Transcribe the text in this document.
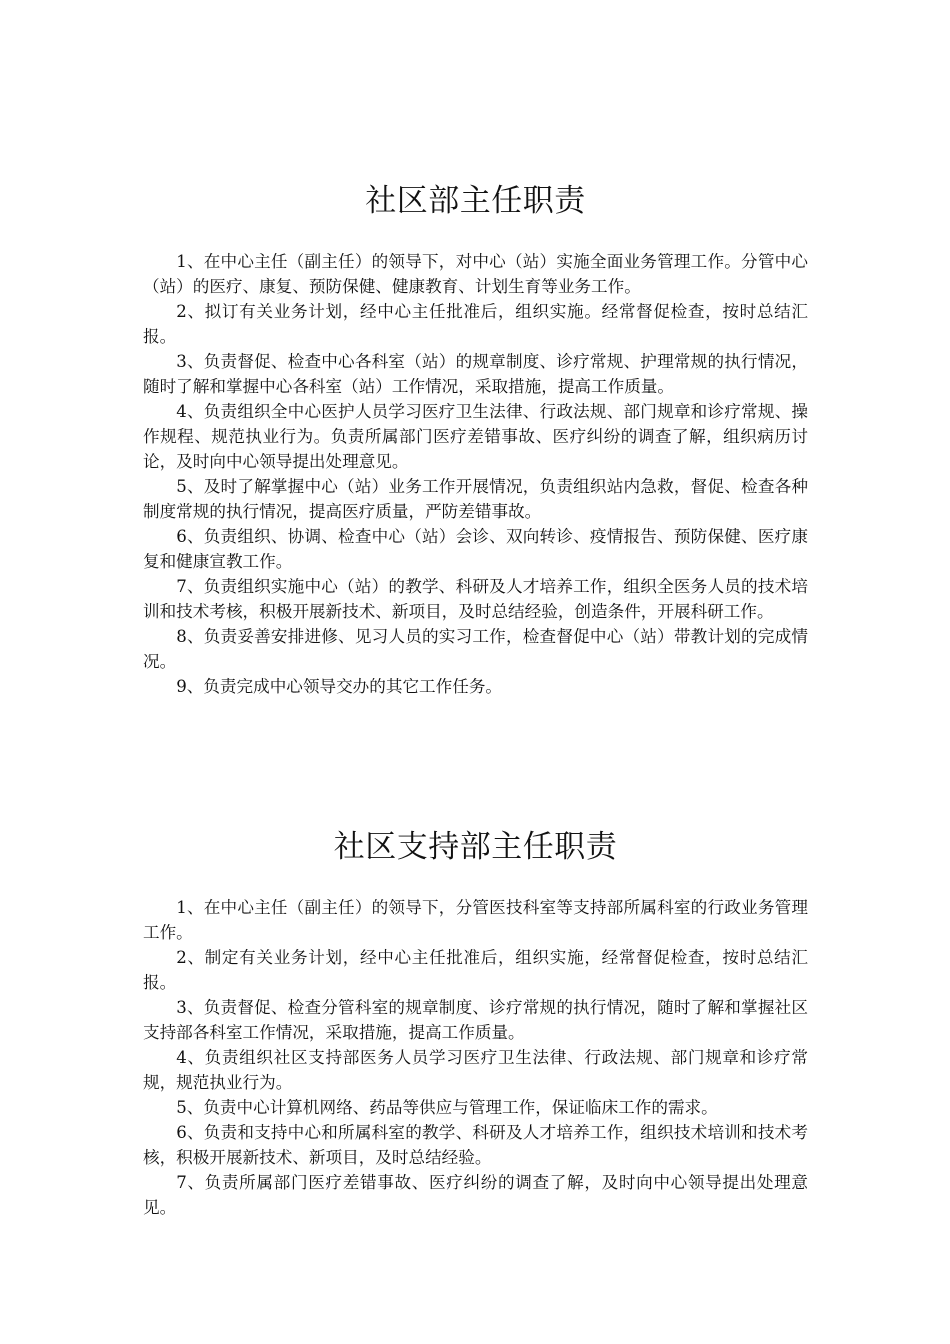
社区部主任职责

1、在中心主任（副主任）的领导下，对中心（站）实施全面业务管理工作。分管中心（站）的医疗、康复、预防保健、健康教育、计划生育等业务工作。

2、拟订有关业务计划，经中心主任批准后，组织实施。经常督促检查，按时总结汇报。

3、负责督促、检查中心各科室（站）的规章制度、诊疗常规、护理常规的执行情况，随时了解和掌握中心各科室（站）工作情况，采取措施，提高工作质量。

4、负责组织全中心医护人员学习医疗卫生法律、行政法规、部门规章和诊疗常规、操作规程、规范执业行为。负责所属部门医疗差错事故、医疗纠纷的调查了解，组织病历讨论，及时向中心领导提出处理意见。

5、及时了解掌握中心（站）业务工作开展情况，负责组织站内急救，督促、检查各种制度常规的执行情况，提高医疗质量，严防差错事故。

6、负责组织、协调、检查中心（站）会诊、双向转诊、疫情报告、预防保健、医疗康复和健康宣教工作。

7、负责组织实施中心（站）的教学、科研及人才培养工作，组织全医务人员的技术培训和技术考核，积极开展新技术、新项目，及时总结经验，创造条件，开展科研工作。

8、负责妥善安排进修、见习人员的实习工作，检查督促中心（站）带教计划的完成情况。

9、负责完成中心领导交办的其它工作任务。

社区支持部主任职责

1、在中心主任（副主任）的领导下，分管医技科室等支持部所属科室的行政业务管理工作。

2、制定有关业务计划，经中心主任批准后，组织实施，经常督促检查，按时总结汇报。

3、负责督促、检查分管科室的规章制度、诊疗常规的执行情况，随时了解和掌握社区支持部各科室工作情况，采取措施，提高工作质量。

4、负责组织社区支持部医务人员学习医疗卫生法律、行政法规、部门规章和诊疗常规，规范执业行为。

5、负责中心计算机网络、药品等供应与管理工作，保证临床工作的需求。

6、负责和支持中心和所属科室的教学、科研及人才培养工作，组织技术培训和技术考核，积极开展新技术、新项目，及时总结经验。

7、负责所属部门医疗差错事故、医疗纠纷的调查了解，及时向中心领导提出处理意见。
